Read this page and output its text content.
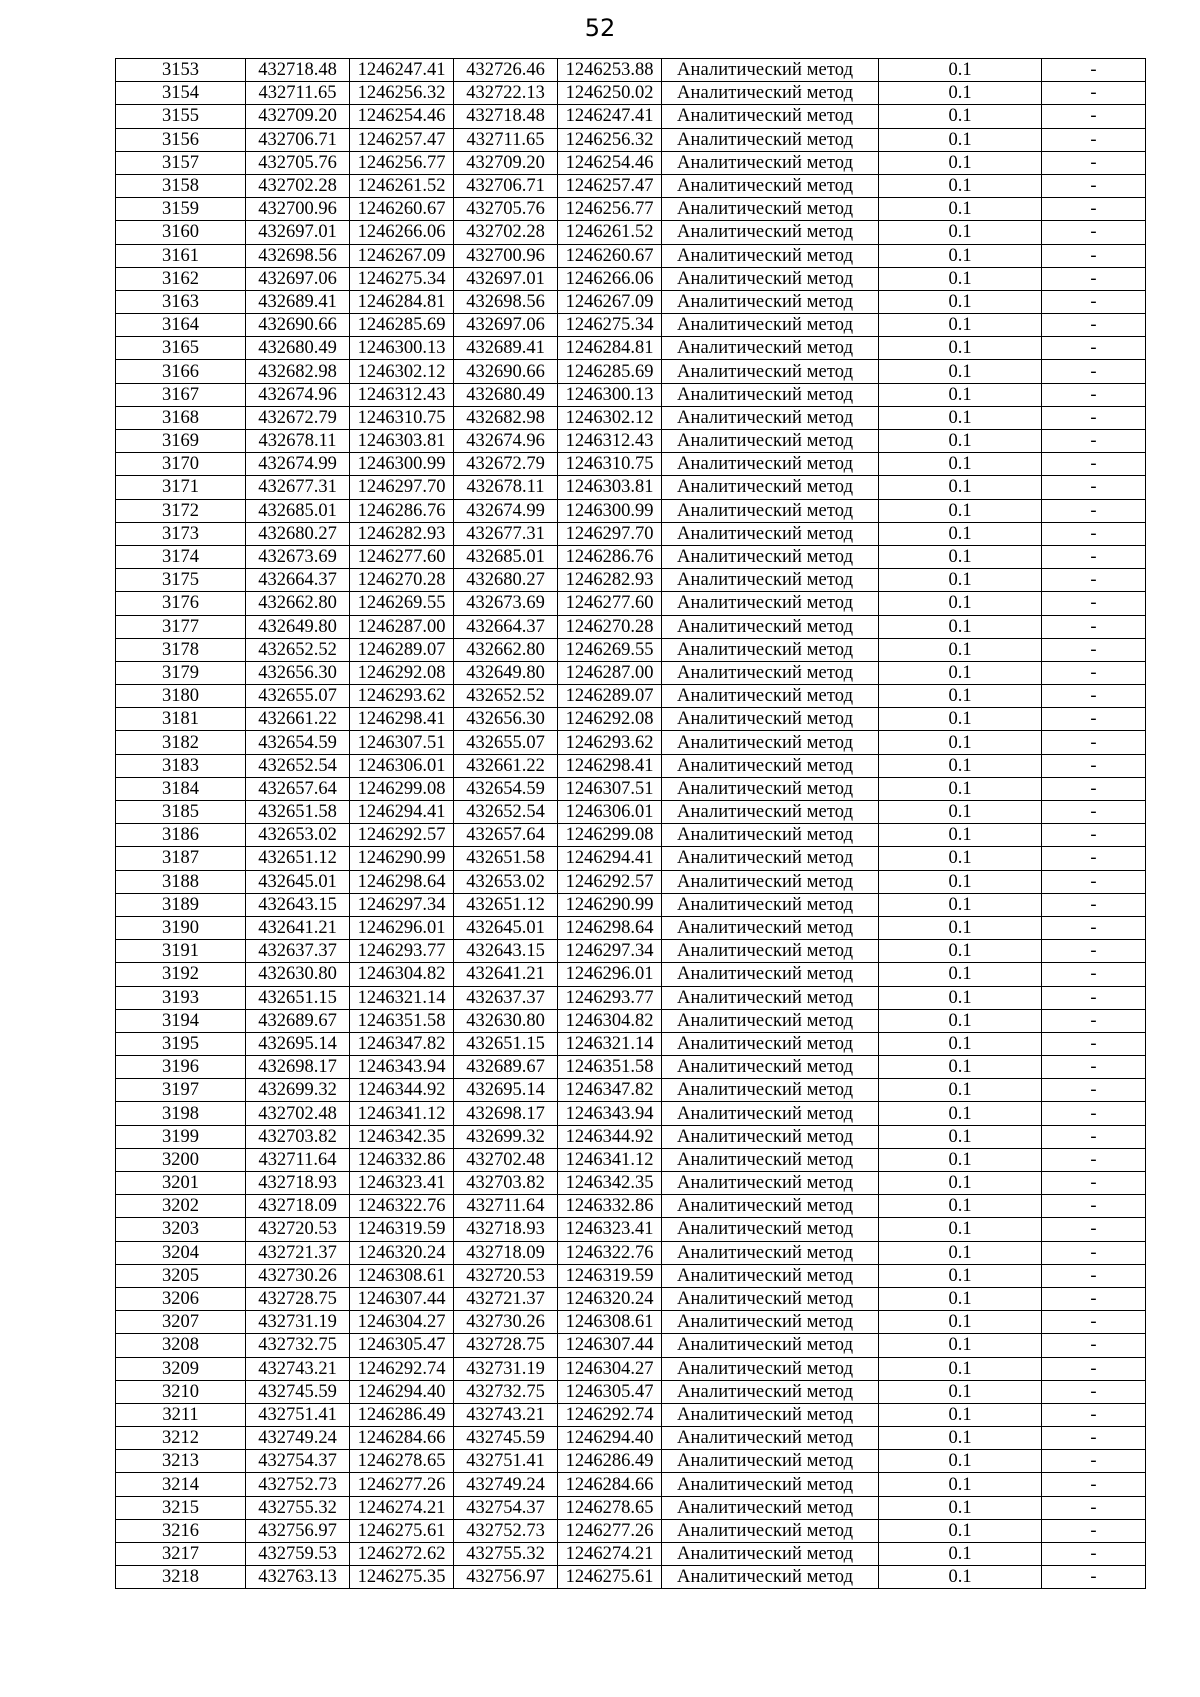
52
3153	432718.48	1246247.41	432726.46	1246253.88	Аналитический метод	0.1	-
3154	432711.65	1246256.32	432722.13	1246250.02	Аналитический метод	0.1	-
3155	432709.20	1246254.46	432718.48	1246247.41	Аналитический метод	0.1	-
3156	432706.71	1246257.47	432711.65	1246256.32	Аналитический метод	0.1	-
3157	432705.76	1246256.77	432709.20	1246254.46	Аналитический метод	0.1	-
3158	432702.28	1246261.52	432706.71	1246257.47	Аналитический метод	0.1	-
3159	432700.96	1246260.67	432705.76	1246256.77	Аналитический метод	0.1	-
3160	432697.01	1246266.06	432702.28	1246261.52	Аналитический метод	0.1	-
3161	432698.56	1246267.09	432700.96	1246260.67	Аналитический метод	0.1	-
3162	432697.06	1246275.34	432697.01	1246266.06	Аналитический метод	0.1	-
3163	432689.41	1246284.81	432698.56	1246267.09	Аналитический метод	0.1	-
3164	432690.66	1246285.69	432697.06	1246275.34	Аналитический метод	0.1	-
3165	432680.49	1246300.13	432689.41	1246284.81	Аналитический метод	0.1	-
3166	432682.98	1246302.12	432690.66	1246285.69	Аналитический метод	0.1	-
3167	432674.96	1246312.43	432680.49	1246300.13	Аналитический метод	0.1	-
3168	432672.79	1246310.75	432682.98	1246302.12	Аналитический метод	0.1	-
3169	432678.11	1246303.81	432674.96	1246312.43	Аналитический метод	0.1	-
3170	432674.99	1246300.99	432672.79	1246310.75	Аналитический метод	0.1	-
3171	432677.31	1246297.70	432678.11	1246303.81	Аналитический метод	0.1	-
3172	432685.01	1246286.76	432674.99	1246300.99	Аналитический метод	0.1	-
3173	432680.27	1246282.93	432677.31	1246297.70	Аналитический метод	0.1	-
3174	432673.69	1246277.60	432685.01	1246286.76	Аналитический метод	0.1	-
3175	432664.37	1246270.28	432680.27	1246282.93	Аналитический метод	0.1	-
3176	432662.80	1246269.55	432673.69	1246277.60	Аналитический метод	0.1	-
3177	432649.80	1246287.00	432664.37	1246270.28	Аналитический метод	0.1	-
3178	432652.52	1246289.07	432662.80	1246269.55	Аналитический метод	0.1	-
3179	432656.30	1246292.08	432649.80	1246287.00	Аналитический метод	0.1	-
3180	432655.07	1246293.62	432652.52	1246289.07	Аналитический метод	0.1	-
3181	432661.22	1246298.41	432656.30	1246292.08	Аналитический метод	0.1	-
3182	432654.59	1246307.51	432655.07	1246293.62	Аналитический метод	0.1	-
3183	432652.54	1246306.01	432661.22	1246298.41	Аналитический метод	0.1	-
3184	432657.64	1246299.08	432654.59	1246307.51	Аналитический метод	0.1	-
3185	432651.58	1246294.41	432652.54	1246306.01	Аналитический метод	0.1	-
3186	432653.02	1246292.57	432657.64	1246299.08	Аналитический метод	0.1	-
3187	432651.12	1246290.99	432651.58	1246294.41	Аналитический метод	0.1	-
3188	432645.01	1246298.64	432653.02	1246292.57	Аналитический метод	0.1	-
3189	432643.15	1246297.34	432651.12	1246290.99	Аналитический метод	0.1	-
3190	432641.21	1246296.01	432645.01	1246298.64	Аналитический метод	0.1	-
3191	432637.37	1246293.77	432643.15	1246297.34	Аналитический метод	0.1	-
3192	432630.80	1246304.82	432641.21	1246296.01	Аналитический метод	0.1	-
3193	432651.15	1246321.14	432637.37	1246293.77	Аналитический метод	0.1	-
3194	432689.67	1246351.58	432630.80	1246304.82	Аналитический метод	0.1	-
3195	432695.14	1246347.82	432651.15	1246321.14	Аналитический метод	0.1	-
3196	432698.17	1246343.94	432689.67	1246351.58	Аналитический метод	0.1	-
3197	432699.32	1246344.92	432695.14	1246347.82	Аналитический метод	0.1	-
3198	432702.48	1246341.12	432698.17	1246343.94	Аналитический метод	0.1	-
3199	432703.82	1246342.35	432699.32	1246344.92	Аналитический метод	0.1	-
3200	432711.64	1246332.86	432702.48	1246341.12	Аналитический метод	0.1	-
3201	432718.93	1246323.41	432703.82	1246342.35	Аналитический метод	0.1	-
3202	432718.09	1246322.76	432711.64	1246332.86	Аналитический метод	0.1	-
3203	432720.53	1246319.59	432718.93	1246323.41	Аналитический метод	0.1	-
3204	432721.37	1246320.24	432718.09	1246322.76	Аналитический метод	0.1	-
3205	432730.26	1246308.61	432720.53	1246319.59	Аналитический метод	0.1	-
3206	432728.75	1246307.44	432721.37	1246320.24	Аналитический метод	0.1	-
3207	432731.19	1246304.27	432730.26	1246308.61	Аналитический метод	0.1	-
3208	432732.75	1246305.47	432728.75	1246307.44	Аналитический метод	0.1	-
3209	432743.21	1246292.74	432731.19	1246304.27	Аналитический метод	0.1	-
3210	432745.59	1246294.40	432732.75	1246305.47	Аналитический метод	0.1	-
3211	432751.41	1246286.49	432743.21	1246292.74	Аналитический метод	0.1	-
3212	432749.24	1246284.66	432745.59	1246294.40	Аналитический метод	0.1	-
3213	432754.37	1246278.65	432751.41	1246286.49	Аналитический метод	0.1	-
3214	432752.73	1246277.26	432749.24	1246284.66	Аналитический метод	0.1	-
3215	432755.32	1246274.21	432754.37	1246278.65	Аналитический метод	0.1	-
3216	432756.97	1246275.61	432752.73	1246277.26	Аналитический метод	0.1	-
3217	432759.53	1246272.62	432755.32	1246274.21	Аналитический метод	0.1	-
3218	432763.13	1246275.35	432756.97	1246275.61	Аналитический метод	0.1	-
